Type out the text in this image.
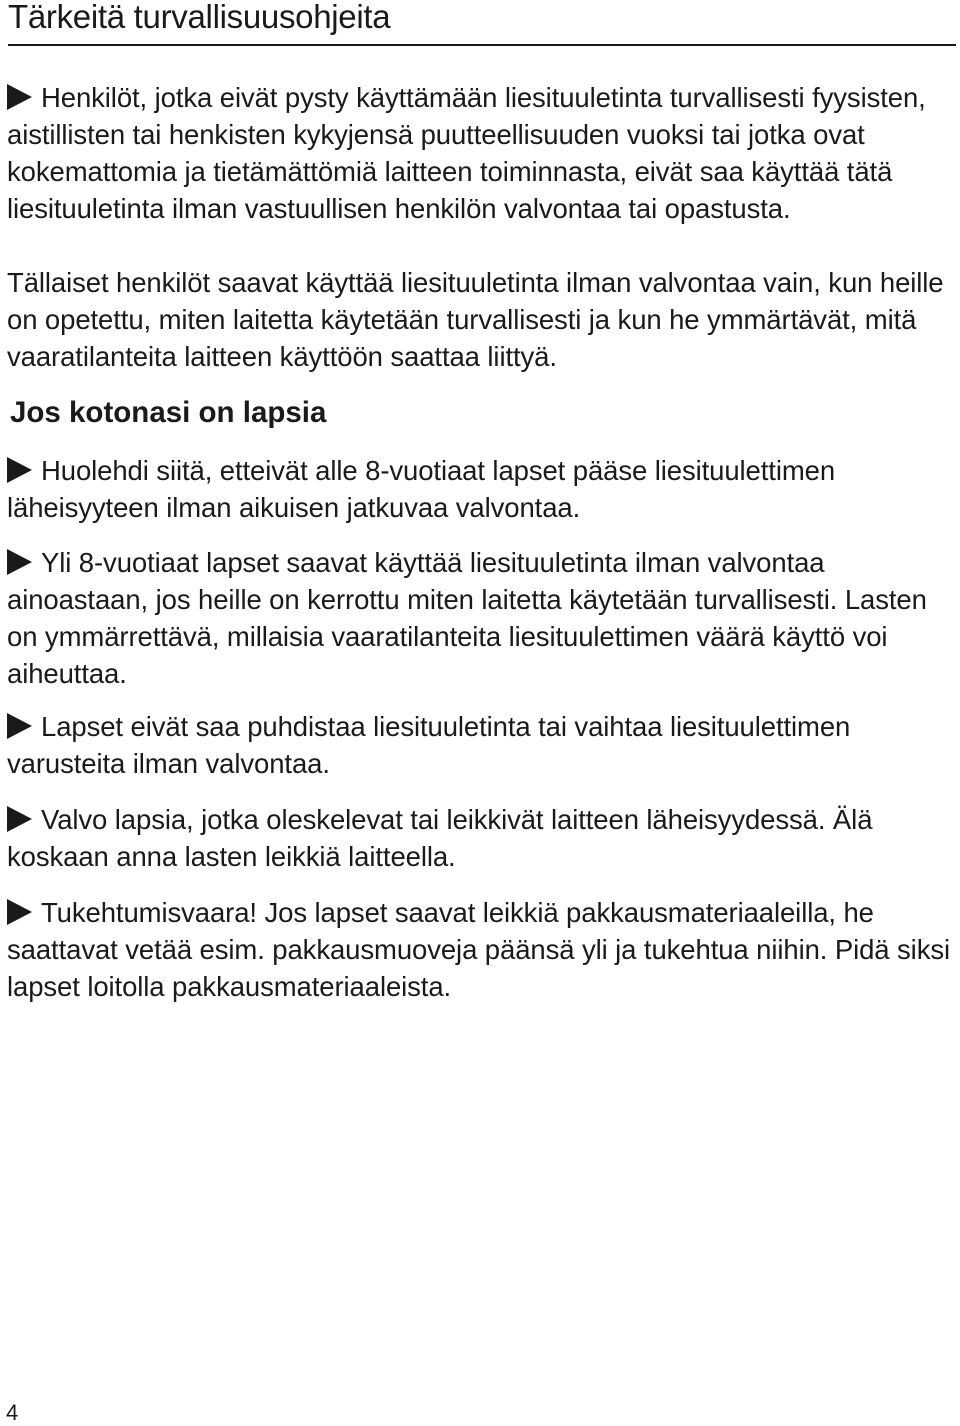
Tärkeitä turvallisuusohjeita

Henkilöt, jotka eivät pysty käyttämään liesituuletinta turvallisesti fyysisten, aistillisten tai henkisten kykyjensä puutteellisuuden vuoksi tai jotka ovat kokemattomia ja tietämättömiä laitteen toiminnasta, eivät saa käyttää tätä liesituuletinta ilman vastuullisen henkilön valvontaa tai opastusta.

Tällaiset henkilöt saavat käyttää liesituuletinta ilman valvontaa vain, kun heille on opetettu, miten laitetta käytetään turvallisesti ja kun he ymmärtävät, mitä vaaratilanteita laitteen käyttöön saattaa liittyä.

Jos kotonasi on lapsia

Huolehdi siitä, etteivät alle 8-vuotiaat lapset pääse liesituulettimen läheisyyteen ilman aikuisen jatkuvaa valvontaa.

Yli 8-vuotiaat lapset saavat käyttää liesituuletinta ilman valvontaa ainoastaan, jos heille on kerrottu miten laitetta käytetään turvallisesti. Lasten on ymmärrettävä, millaisia vaaratilanteita liesituulettimen väärä käyttö voi aiheuttaa.

Lapset eivät saa puhdistaa liesituuletinta tai vaihtaa liesituulettimen varusteita ilman valvontaa.

Valvo lapsia, jotka oleskelevat tai leikkivät laitteen läheisyydessä. Älä koskaan anna lasten leikkiä laitteella.

Tukehtumisvaara! Jos lapset saavat leikkiä pakkausmateriaaleilla, he saattavat vetää esim. pakkausmuoveja päänsä yli ja tukehtua niihin. Pidä siksi lapset loitolla pakkausmateriaaleista.

4
